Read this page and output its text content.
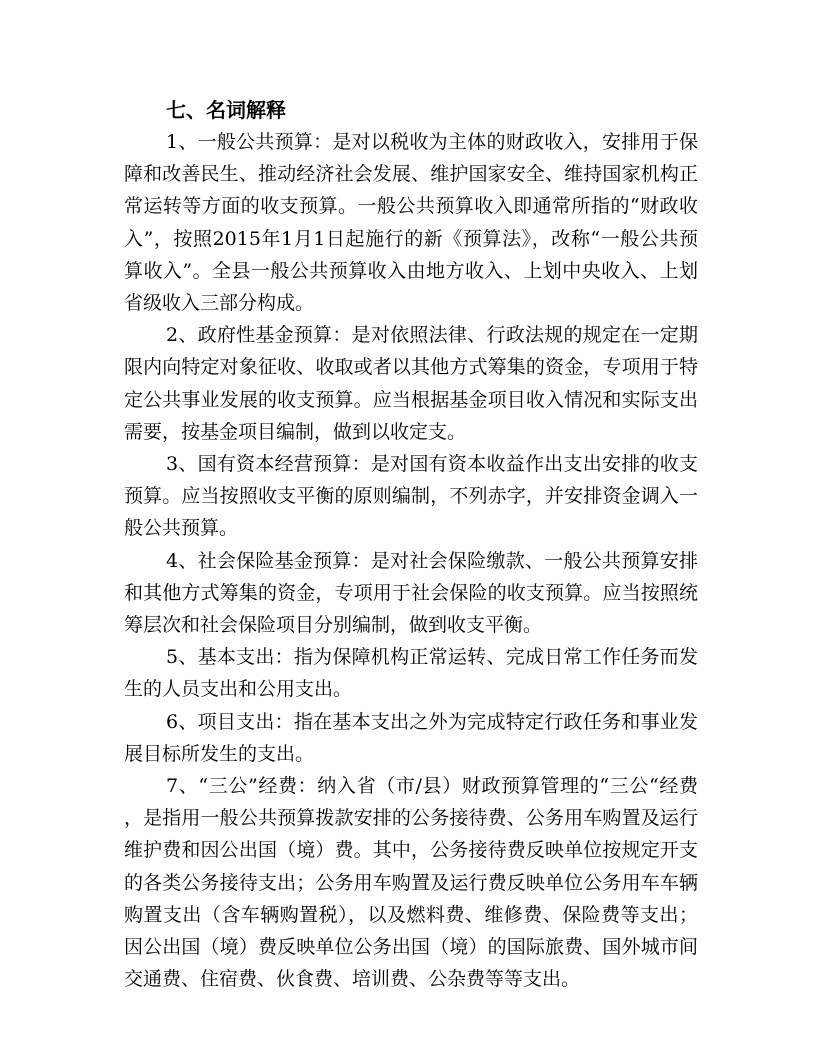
七、名词解释

1、一般公共预算：是对以税收为主体的财政收入，安排用于保障和改善民生、推动经济社会发展、维护国家安全、维持国家机构正常运转等方面的收支预算。一般公共预算收入即通常所指的“财政收入”，按照2015年1月1日起施行的新《预算法》，改称“一般公共预算收入”。全县一般公共预算收入由地方收入、上划中央收入、上划省级收入三部分构成。

2、政府性基金预算：是对依照法律、行政法规的规定在一定期限内向特定对象征收、收取或者以其他方式筹集的资金，专项用于特定公共事业发展的收支预算。应当根据基金项目收入情况和实际支出需要，按基金项目编制，做到以收定支。

3、国有资本经营预算：是对国有资本收益作出支出安排的收支预算。应当按照收支平衡的原则编制，不列赤字，并安排资金调入一般公共预算。

4、社会保险基金预算：是对社会保险缴款、一般公共预算安排和其他方式筹集的资金，专项用于社会保险的收支预算。应当按照统筹层次和社会保险项目分别编制，做到收支平衡。

5、基本支出：指为保障机构正常运转、完成日常工作任务而发生的人员支出和公用支出。

6、项目支出：指在基本支出之外为完成特定行政任务和事业发展目标所发生的支出。

7、“三公”经费：纳入省（市/县）财政预算管理的“三公“经费，是指用一般公共预算拨款安排的公务接待费、公务用车购置及运行维护费和因公出国（境）费。其中，公务接待费反映单位按规定开支的各类公务接待支出；公务用车购置及运行费反映单位公务用车车辆购置支出（含车辆购置税），以及燃料费、维修费、保险费等支出；因公出国（境）费反映单位公务出国（境）的国际旅费、国外城市间交通费、住宿费、伙食费、培训费、公杂费等等支出。
